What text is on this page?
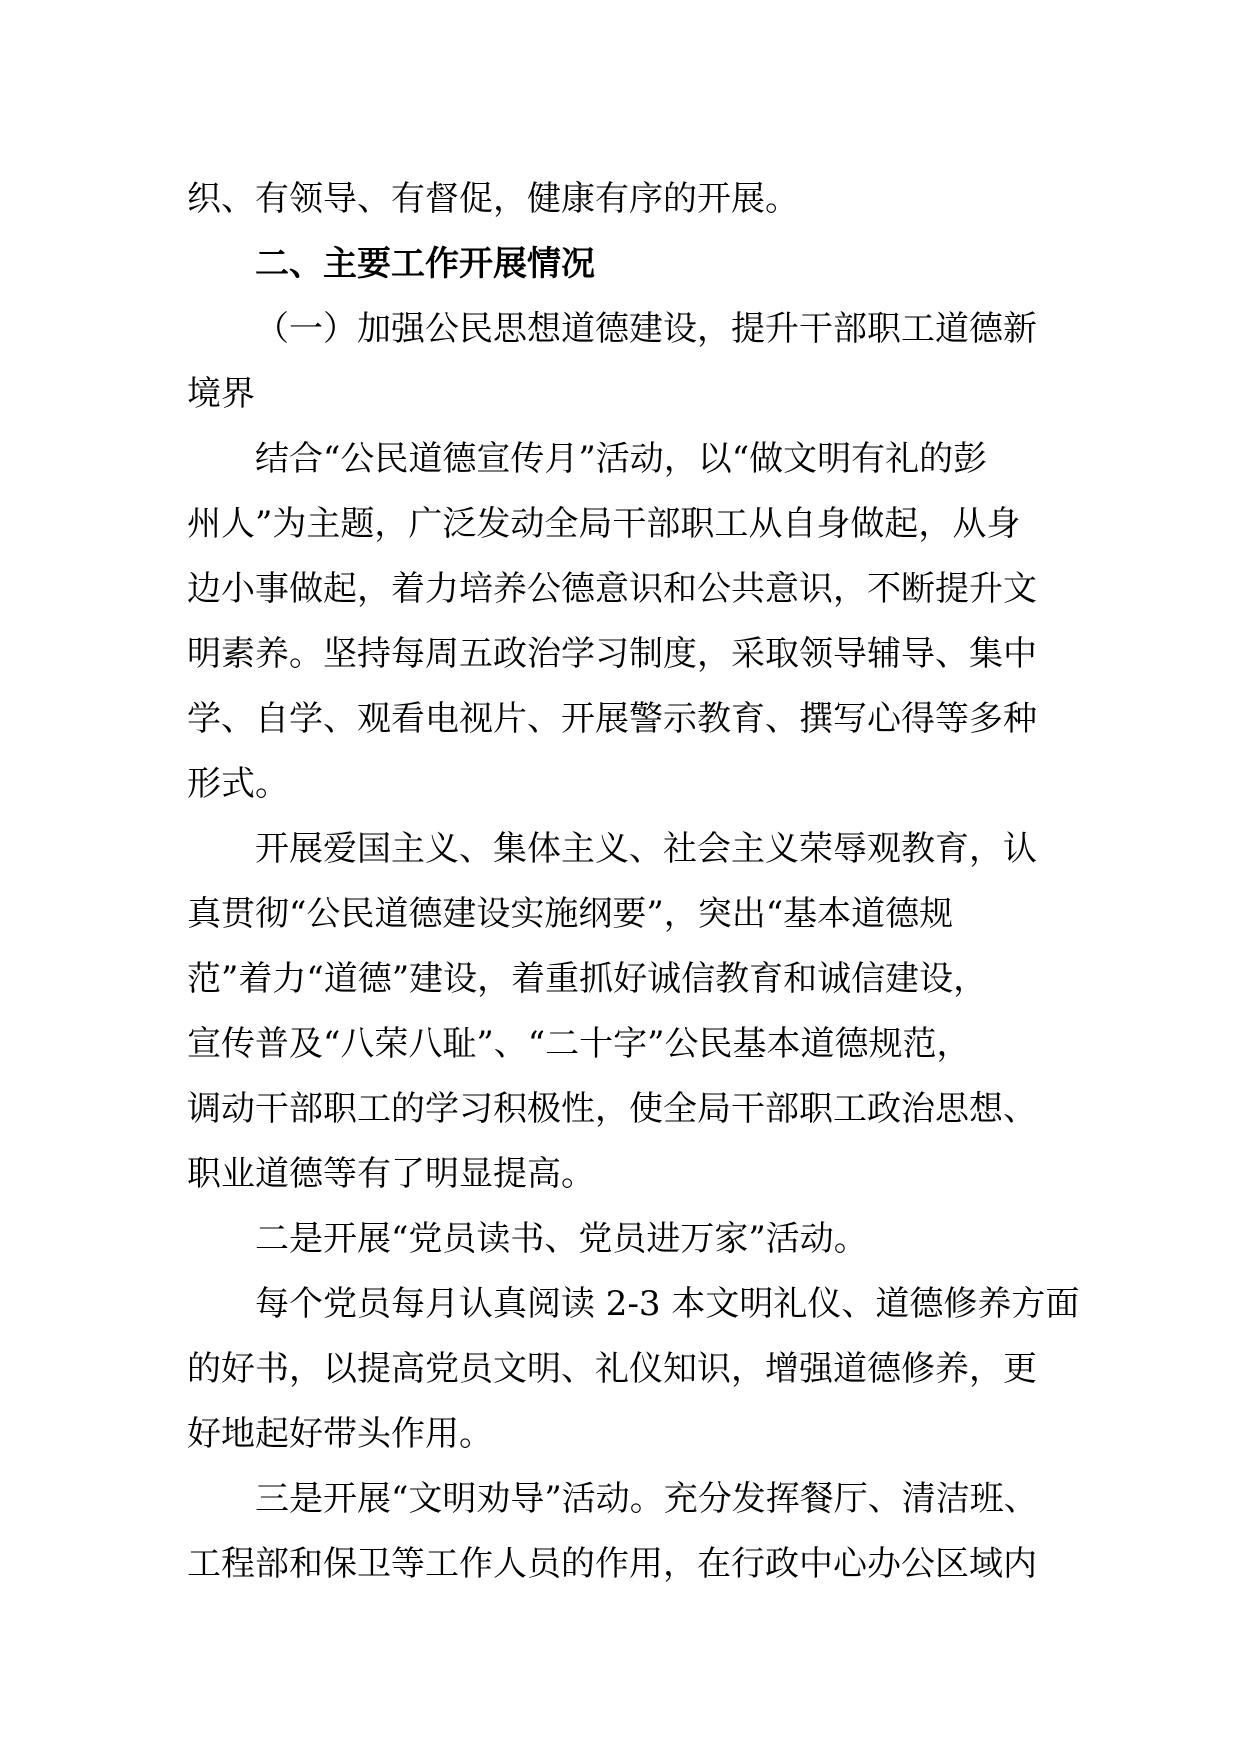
织、有领导、有督促，健康有序的开展。
二、主要工作开展情况
（一）加强公民思想道德建设，提升干部职工道德新
境界
结合“公民道德宣传月”活动，以“做文明有礼的彭
州人”为主题，广泛发动全局干部职工从自身做起，从身
边小事做起，着力培养公德意识和公共意识，不断提升文
明素养。坚持每周五政治学习制度，采取领导辅导、集中
学、自学、观看电视片、开展警示教育、撰写心得等多种
形式。
开展爱国主义、集体主义、社会主义荣辱观教育，认
真贯彻“公民道德建设实施纲要”，突出“基本道德规
范”着力“道德”建设，着重抓好诚信教育和诚信建设，
宣传普及“八荣八耻”、“二十字”公民基本道德规范，
调动干部职工的学习积极性，使全局干部职工政治思想、
职业道德等有了明显提高。
二是开展“党员读书、党员进万家”活动。
每个党员每月认真阅读 2-3 本文明礼仪、道德修养方面
的好书，以提高党员文明、礼仪知识，增强道德修养，更
好地起好带头作用。
三是开展“文明劝导”活动。充分发挥餐厅、清洁班、
工程部和保卫等工作人员的作用，在行政中心办公区域内
